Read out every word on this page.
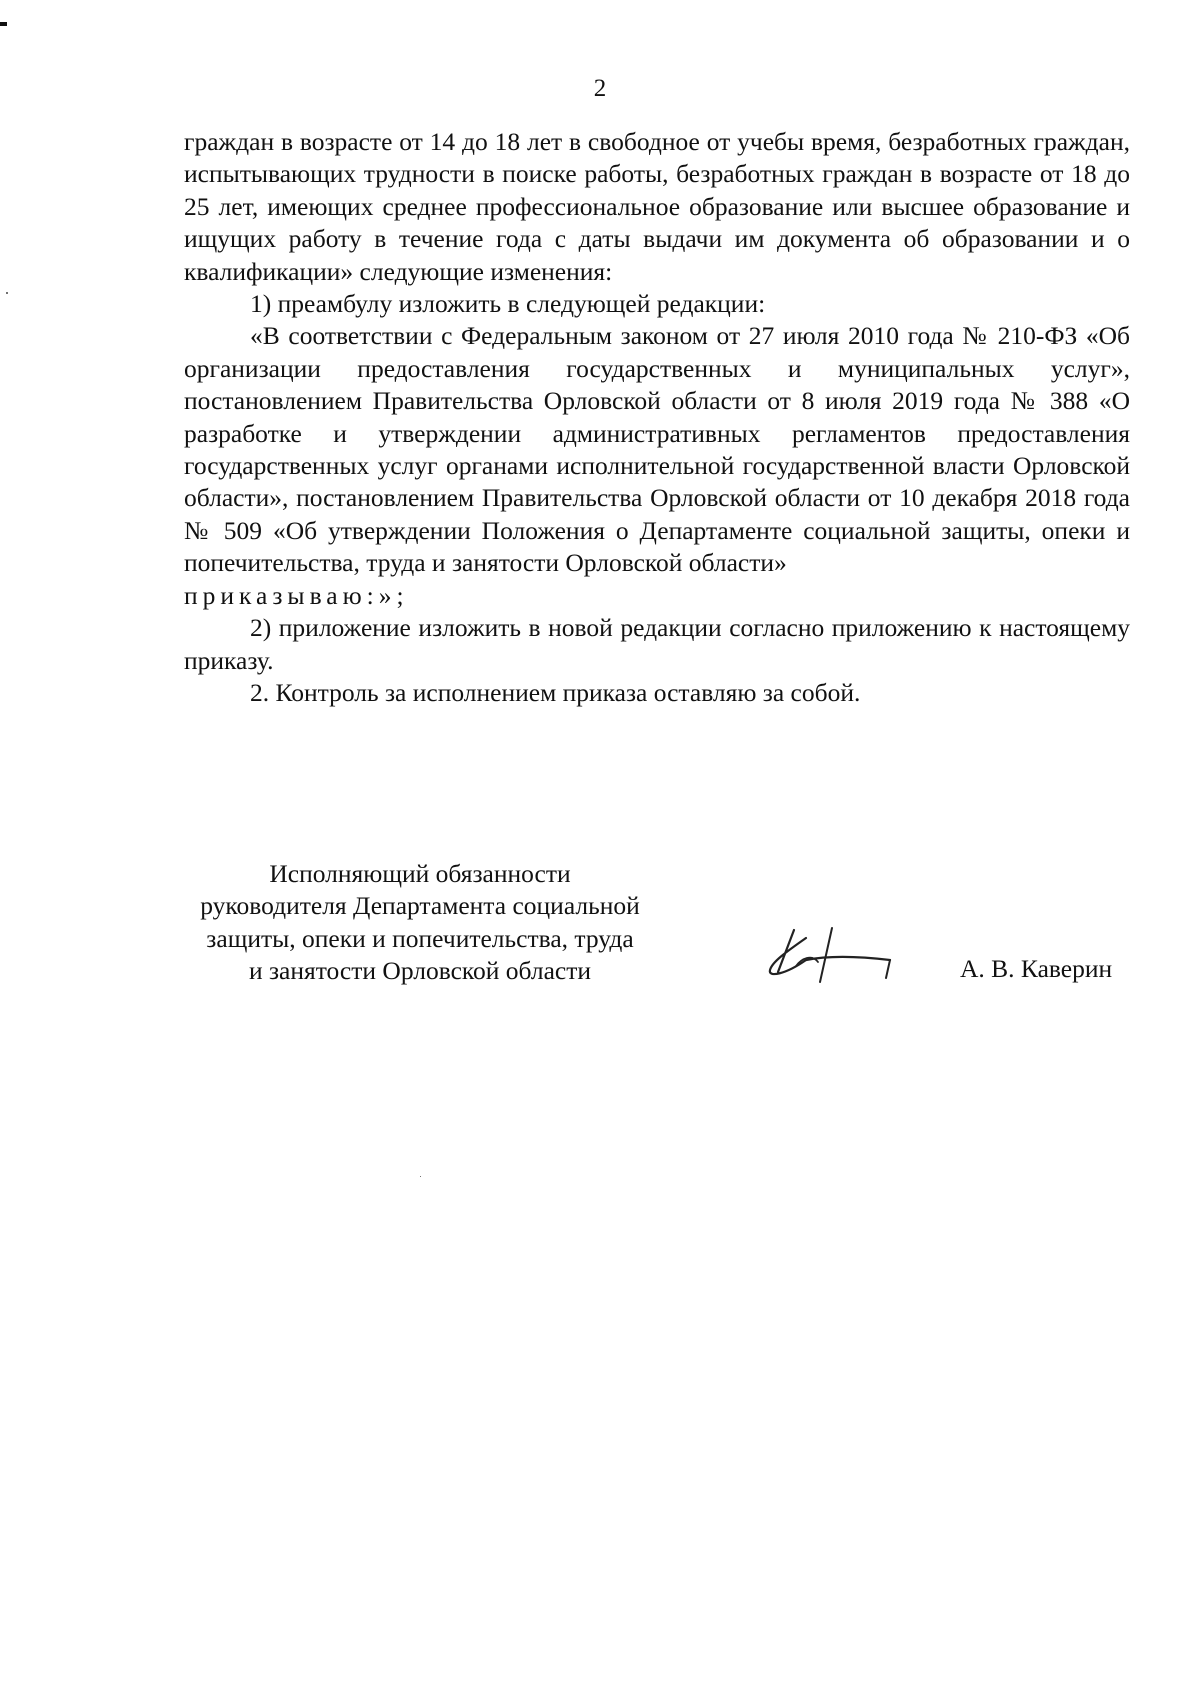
2

граждан в возрасте от 14 до 18 лет в свободное от учебы время, безработных граждан, испытывающих трудности в поиске работы, безработных граждан в возрасте от 18 до 25 лет, имеющих среднее профессиональное образование или высшее образование и ищущих работу в течение года с даты выдачи им документа об образовании и о квалификации» следующие изменения:

1) преамбулу изложить в следующей редакции:

«В соответствии с Федеральным законом от 27 июля 2010 года № 210-ФЗ «Об организации предоставления государственных и муниципальных услуг», постановлением Правительства Орловской области от 8 июля 2019 года № 388 «О разработке и утверждении административных регламентов предоставления государственных услуг органами исполнительной государственной власти Орловской области», постановлением Правительства Орловской области от 10 декабря 2018 года № 509 «Об утверждении Положения о Департаменте социальной защиты, опеки и попечительства, труда и занятости Орловской области»
приказываю:»;

2) приложение изложить в новой редакции согласно приложению к настоящему приказу.

2. Контроль за исполнением приказа оставляю за собой.

Исполняющий обязанности
руководителя Департамента социальной
защиты, опеки и попечительства, труда
и занятости Орловской области	А. В. Каверин
